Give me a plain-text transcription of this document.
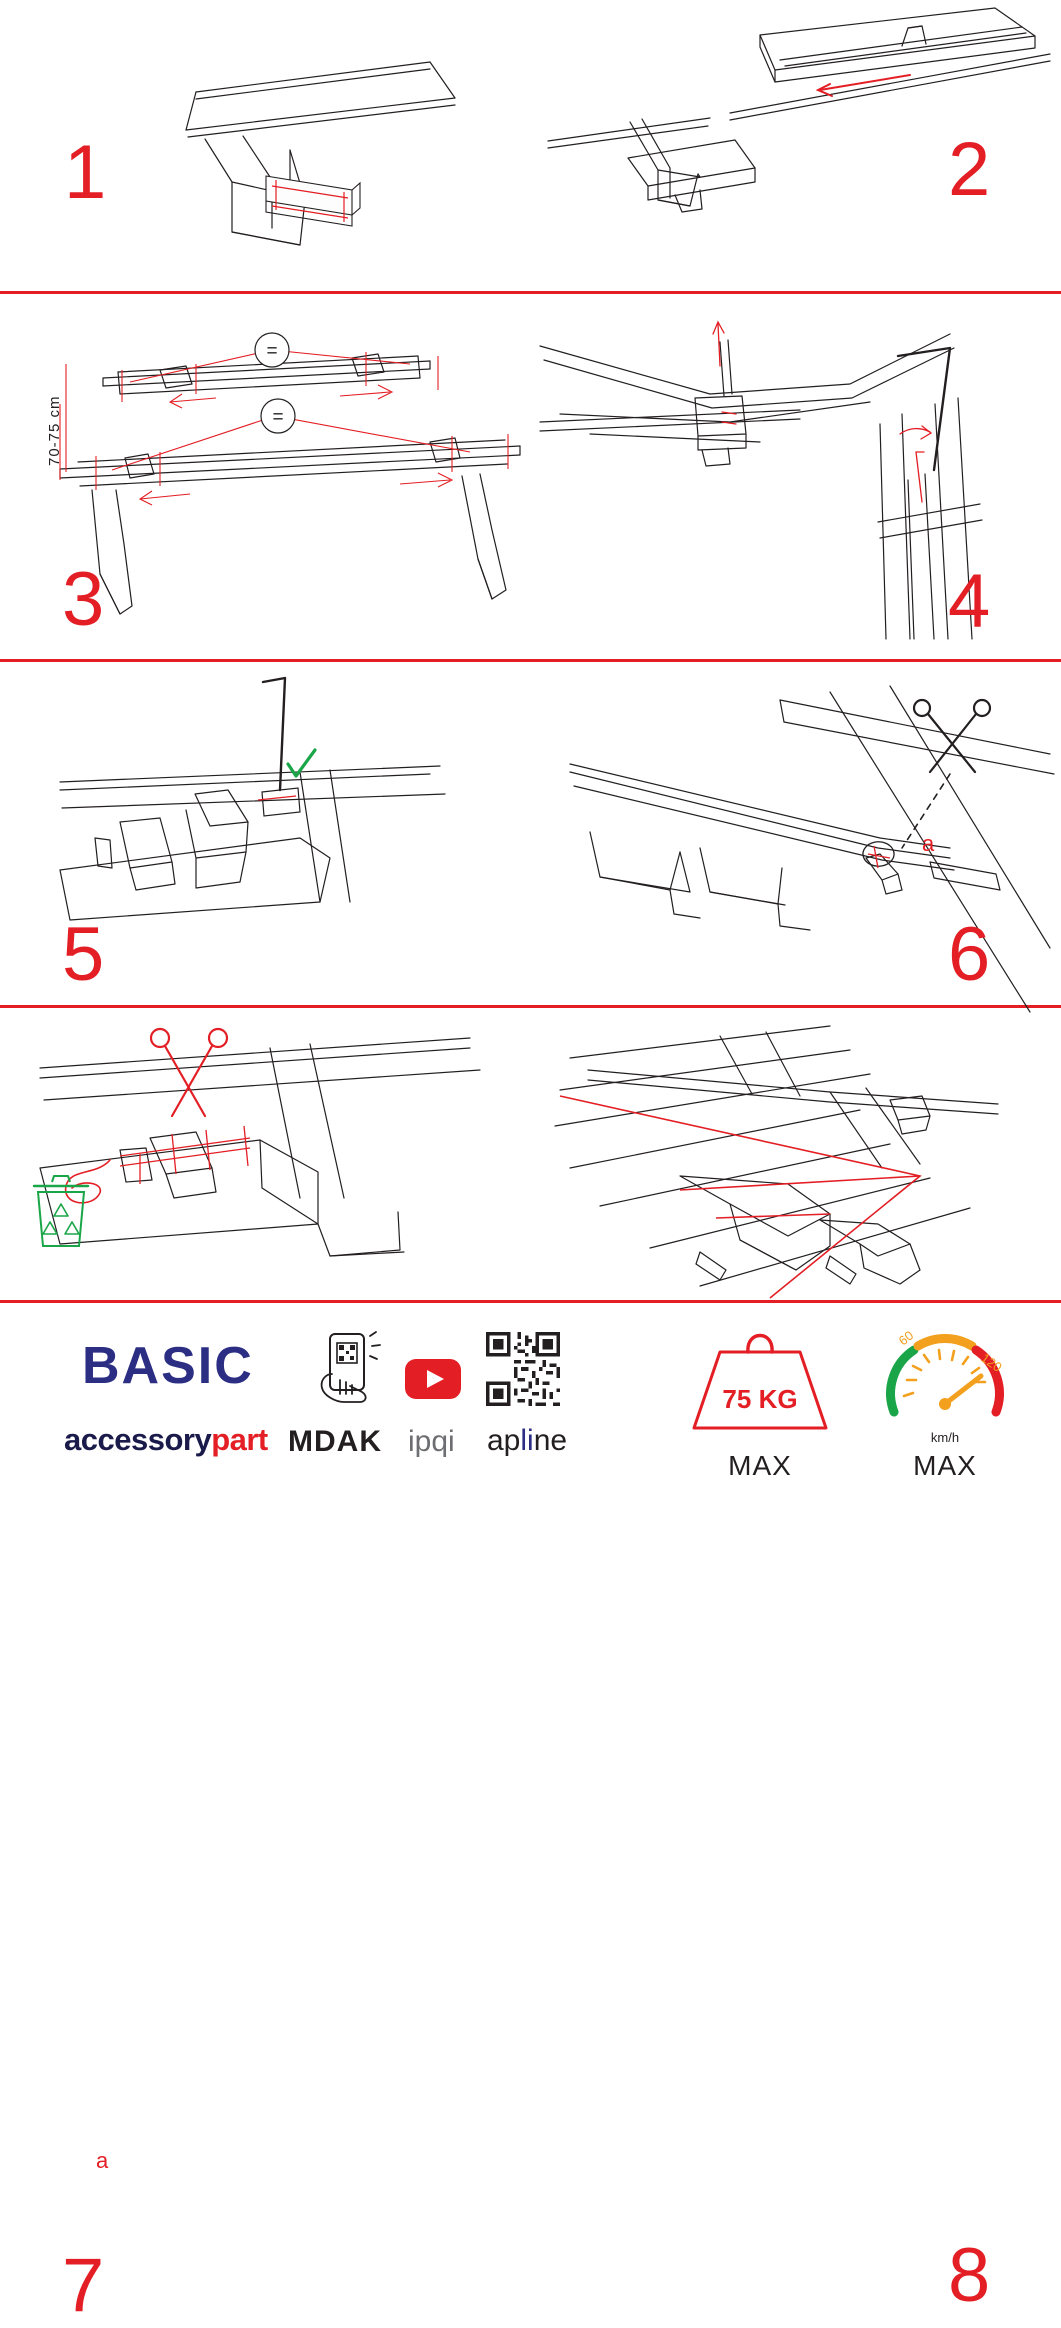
1	2
=
=
70-75 cm
3	4
5
a
6
a
7	8
BASIC
accessorypart MDAK ipqi apline
75 KG
MAX
60
120
km/h
MAX
